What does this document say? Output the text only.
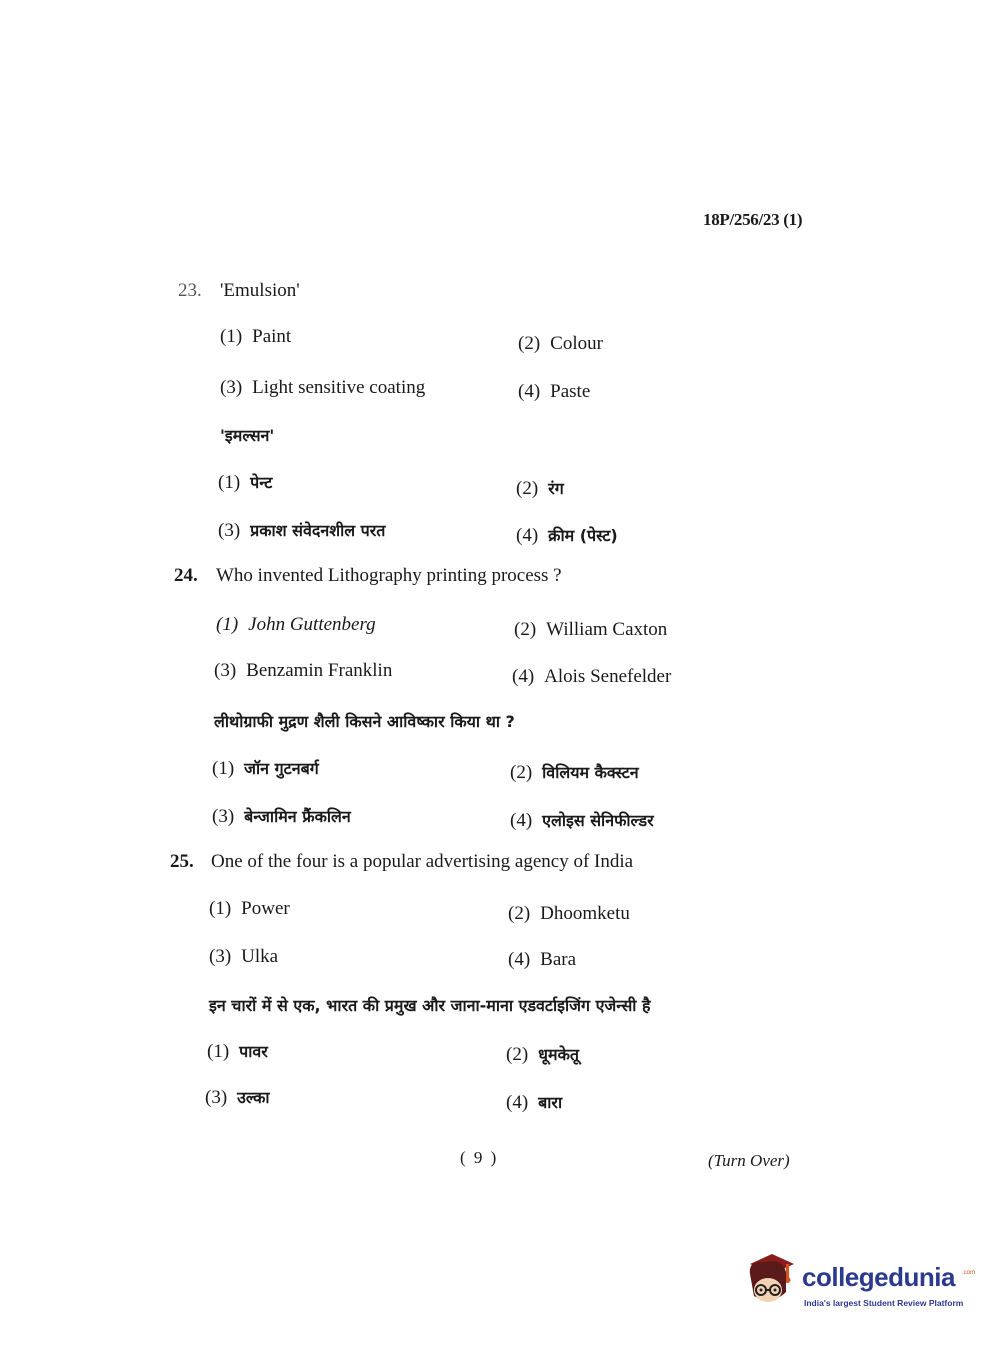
18P/256/23 (1)
23. 'Emulsion'
(1) Paint	(2) Colour
(3) Light sensitive coating	(4) Paste
'इमल्सन'
(1) पेन्ट	(2) रंग
(3) प्रकाश संवेदनशील परत	(4) क्रीम (पेस्ट)
24. Who invented Lithography printing process ?
(1) John Guttenberg	(2) William Caxton
(3) Benzamin Franklin	(4) Alois Senefelder
लीथोग्राफी मुद्रण शैली किसने आविष्कार किया था ?
(1) जॉन गुटनबर्ग	(2) विलियम कैक्स्टन
(3) बेन्जामिन फ्रैंकलिन	(4) एलोइस सेनिफील्डर
25. One of the four is a popular advertising agency of India
(1) Power	(2) Dhoomketu
(3) Ulka	(4) Bara
इन चारों में से एक, भारत की प्रमुख और जाना-माना एडवर्टाइजिंग एजेन्सी है
(1) पावर	(2) धूमकेतू
(3) उल्का	(4) बारा
( 9 )	(Turn Over)
collegedunia .com
India's largest Student Review Platform
